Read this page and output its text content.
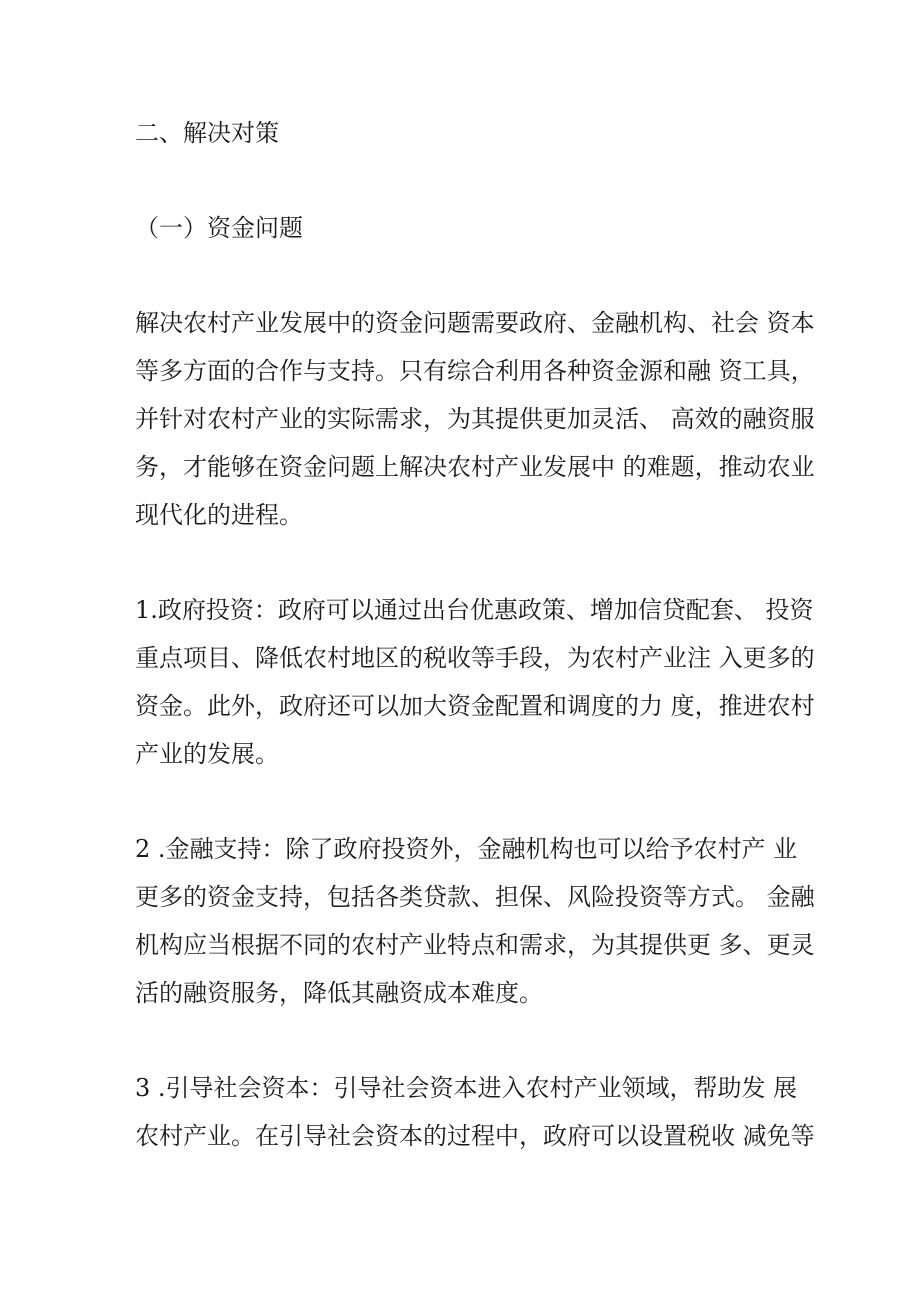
二、解决对策
（一）资金问题
解决农村产业发展中的资金问题需要政府、金融机构、社会 资本
等多方面的合作与支持。只有综合利用各种资金源和融 资工具，
并针对农村产业的实际需求，为其提供更加灵活、 高效的融资服
务，才能够在资金问题上解决农村产业发展中 的难题，推动农业
现代化的进程。
1.政府投资：政府可以通过出台优惠政策、增加信贷配套、 投资
重点项目、降低农村地区的税收等手段，为农村产业注 入更多的
资金。此外，政府还可以加大资金配置和调度的力 度，推进农村
产业的发展。
2 .金融支持：除了政府投资外，金融机构也可以给予农村产 业
更多的资金支持，包括各类贷款、担保、风险投资等方式。 金融
机构应当根据不同的农村产业特点和需求，为其提供更 多、更灵
活的融资服务，降低其融资成本难度。
3 .引导社会资本：引导社会资本进入农村产业领域，帮助发 展
农村产业。在引导社会资本的过程中，政府可以设置税收 减免等
